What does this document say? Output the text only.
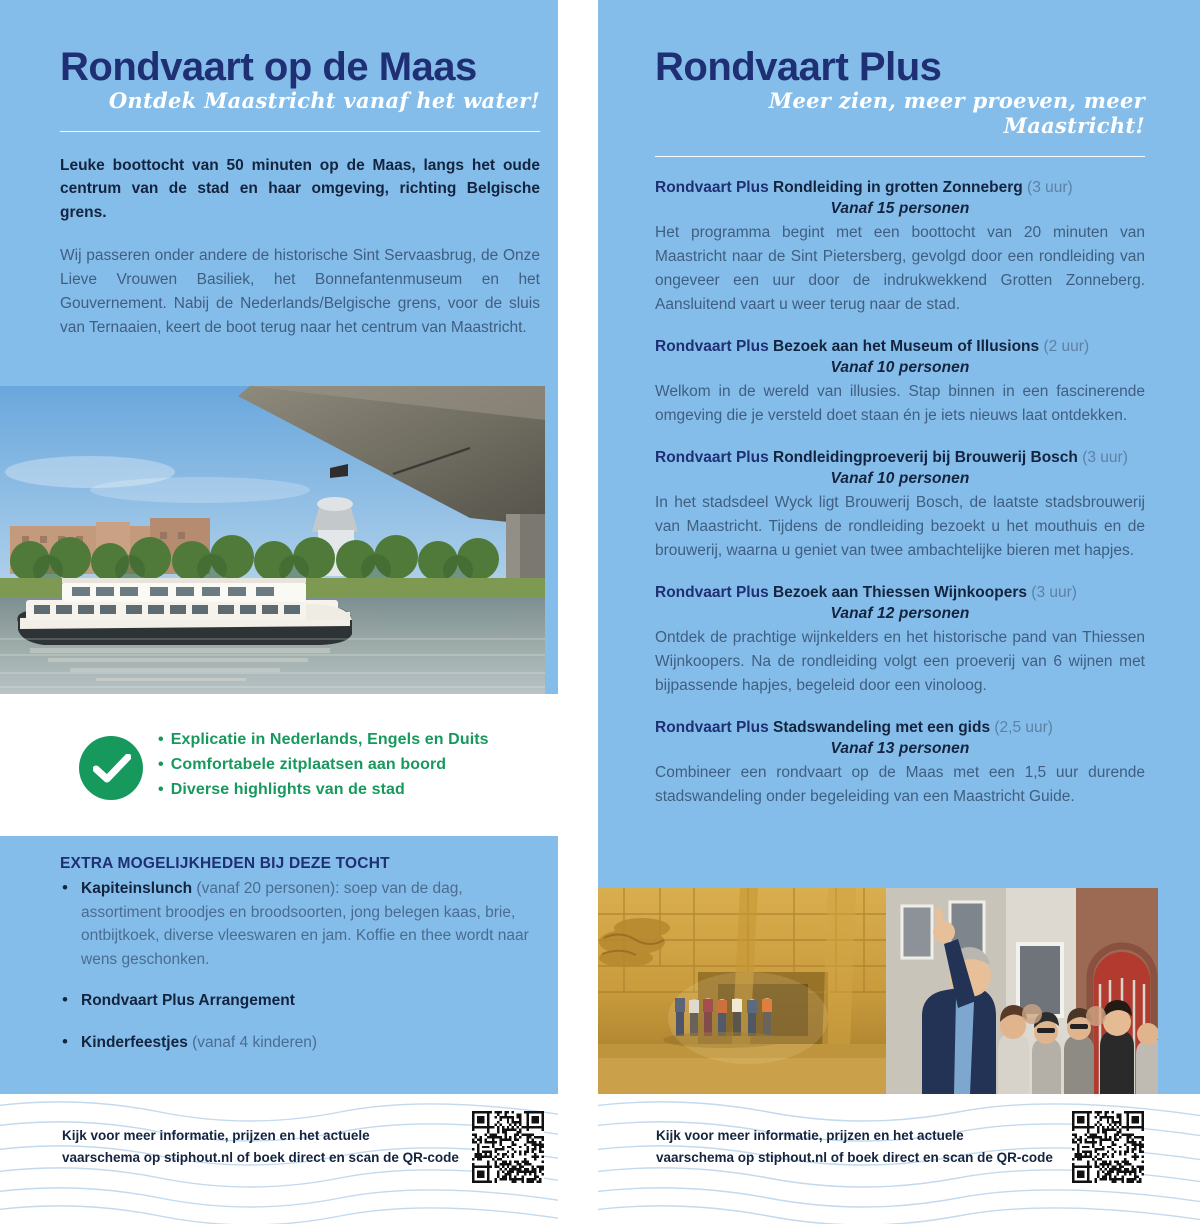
Rondvaart op de Maas
Ontdek Maastricht vanaf het water!
Leuke boottocht van 50 minuten op de Maas, langs het oude centrum van de stad en haar omgeving, richting Belgische grens.
Wij passeren onder andere de historische Sint Servaasbrug, de Onze Lieve Vrouwen Basiliek, het Bonnefantenmuseum en het Gouvernement. Nabij de Nederlands/Belgische grens, voor de sluis van Ternaaien, keert de boot terug naar het centrum van Maastricht.
• Explicatie in Nederlands, Engels en Duits
• Comfortabele zitplaatsen aan boord
• Diverse highlights van de stad
EXTRA MOGELIJKHEDEN BIJ DEZE TOCHT
• Kapiteinslunch (vanaf 20 personen): soep van de dag,
assortiment broodjes en broodsoorten, jong belegen kaas, brie, ontbijtkoek, diverse vleeswaren en jam. Koffie en thee wordt naar wens geschonken.
• Rondvaart Plus Arrangement
• Kinderfeestjes (vanaf 4 kinderen)
Rondvaart Plus
Meer zien, meer proeven, meer Maastricht!
Rondvaart Plus Rondleiding in grotten Zonneberg (3 uur)
Vanaf 15 personen
Het programma begint met een boottocht van 20 minuten van Maastricht naar de Sint Pietersberg, gevolgd door een rondleiding van ongeveer een uur door de indrukwekkend Grotten Zonneberg. Aansluitend vaart u weer terug naar de stad.
Rondvaart Plus Bezoek aan het Museum of Illusions (2 uur)
Vanaf 10 personen
Welkom in de wereld van illusies. Stap binnen in een fascinerende omgeving die je versteld doet staan én je iets nieuws laat ontdekken.
Rondvaart Plus Rondleidingproeverij bij Brouwerij Bosch (3 uur)
Vanaf 10 personen
In het stadsdeel Wyck ligt Brouwerij Bosch, de laatste stadsbrouwerij van Maastricht. Tijdens de rondleiding bezoekt u het mouthuis en de brouwerij, waarna u geniet van twee ambachtelijke bieren met hapjes.
Rondvaart Plus Bezoek aan Thiessen Wijnkoopers (3 uur)
Vanaf 12 personen
Ontdek de prachtige wijnkelders en het historische pand van Thiessen Wijnkoopers. Na de rondleiding volgt een proeverij van 6 wijnen met bijpassende hapjes, begeleid door een vinoloog.
Rondvaart Plus Stadswandeling met een gids (2,5 uur)
Vanaf 13 personen
Combineer een rondvaart op de Maas met een 1,5 uur durende stadswandeling onder begeleiding van een Maastricht Guide.
Kijk voor meer informatie, prijzen en het actuele
vaarschema op stiphout.nl of boek direct en scan de QR-code
Kijk voor meer informatie, prijzen en het actuele
vaarschema op stiphout.nl of boek direct en scan de QR-code
